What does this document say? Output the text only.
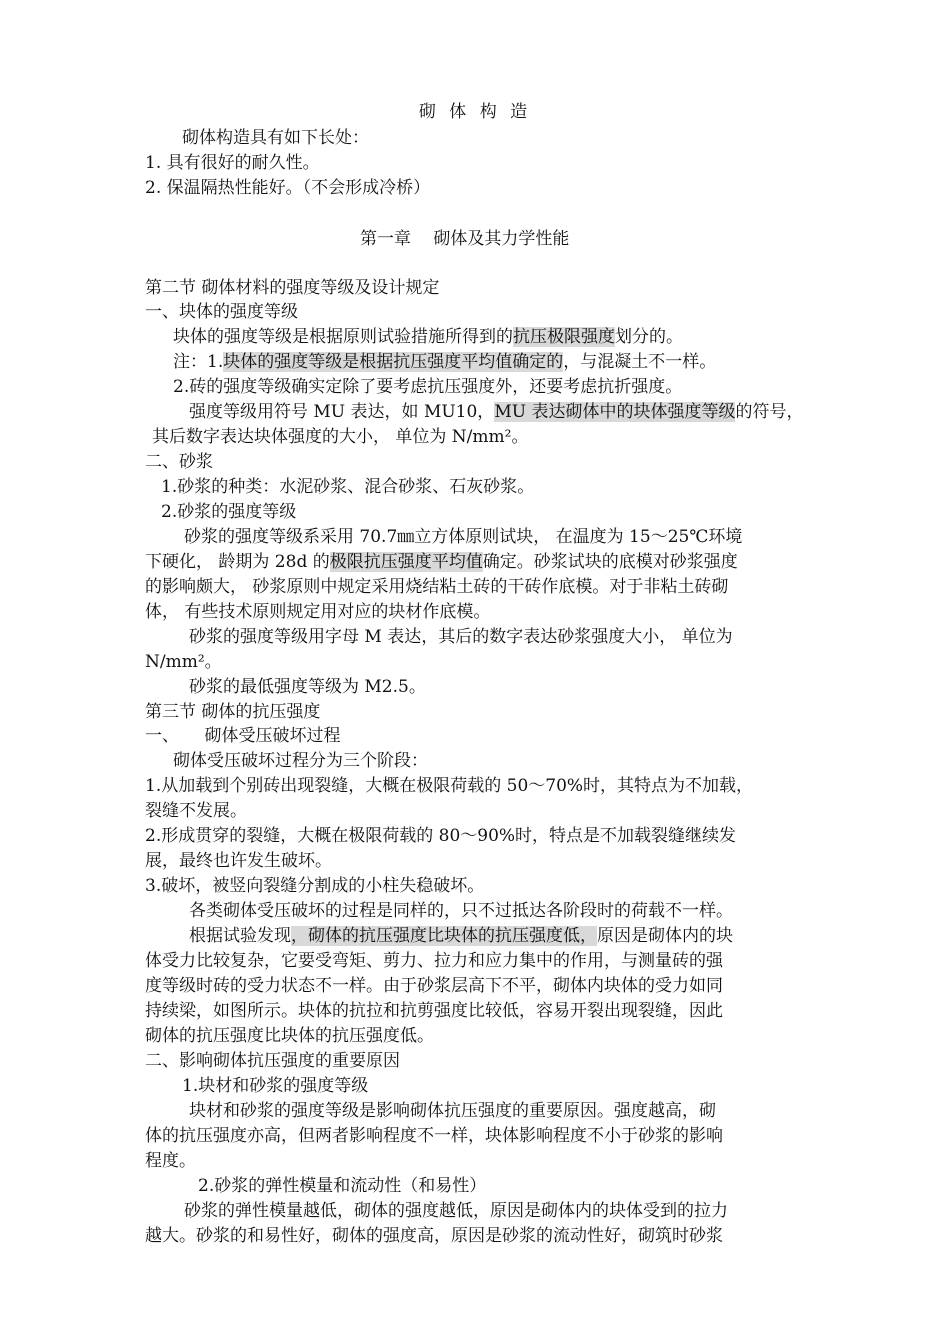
砌 体 构 造
砌体构造具有如下长处：
1. 具有很好的耐久性。
2. 保温隔热性能好。（不会形成冷桥）
第一章　 砌体及其力学性能
第二节 砌体材料的强度等级及设计规定
一、块体的强度等级
块体的强度等级是根据原则试验措施所得到的抗压极限强度划分的。
注：1.块体的强度等级是根据抗压强度平均值确定的，与混凝土不一样。
2.砖的强度等级确实定除了要考虑抗压强度外，还要考虑抗折强度。
强度等级用符号 MU 表达，如 MU10，MU 表达砌体中的块体强度等级的符号，
其后数字表达块体强度的大小， 单位为 N/mm²。
二、砂浆
1.砂浆的种类：水泥砂浆、混合砂浆、石灰砂浆。
2.砂浆的强度等级
砂浆的强度等级系采用 70.7㎜立方体原则试块， 在温度为 15～25℃环境
下硬化， 龄期为 28d 的极限抗压强度平均值确定。砂浆试块的底模对砂浆强度
的影响颇大， 砂浆原则中规定采用烧结粘土砖的干砖作底模。对于非粘土砖砌
体， 有些技术原则规定用对应的块材作底模。
砂浆的强度等级用字母 M 表达，其后的数字表达砂浆强度大小， 单位为
N/mm²。
砂浆的最低强度等级为 M2.5。
第三节 砌体的抗压强度
一、　　砌体受压破坏过程
砌体受压破坏过程分为三个阶段：
1.从加载到个别砖出现裂缝，大概在极限荷载的 50～70%时，其特点为不加载，
裂缝不发展。
2.形成贯穿的裂缝，大概在极限荷载的 80～90%时，特点是不加载裂缝继续发
展，最终也许发生破坏。
3.破坏，被竖向裂缝分割成的小柱失稳破坏。
各类砌体受压破坏的过程是同样的，只不过抵达各阶段时的荷载不一样。
根据试验发现，砌体的抗压强度比块体的抗压强度低，原因是砌体内的块
体受力比较复杂，它要受弯矩、剪力、拉力和应力集中的作用，与测量砖的强
度等级时砖的受力状态不一样。由于砂浆层高下不平，砌体内块体的受力如同
持续梁，如图所示。块体的抗拉和抗剪强度比较低，容易开裂出现裂缝，因此
砌体的抗压强度比块体的抗压强度低。
二、影响砌体抗压强度的重要原因
1.块材和砂浆的强度等级
块材和砂浆的强度等级是影响砌体抗压强度的重要原因。强度越高，砌
体的抗压强度亦高，但两者影响程度不一样，块体影响程度不小于砂浆的影响
程度。
2.砂浆的弹性模量和流动性（和易性）
砂浆的弹性模量越低，砌体的强度越低，原因是砌体内的块体受到的拉力
越大。砂浆的和易性好，砌体的强度高，原因是砂浆的流动性好，砌筑时砂浆
